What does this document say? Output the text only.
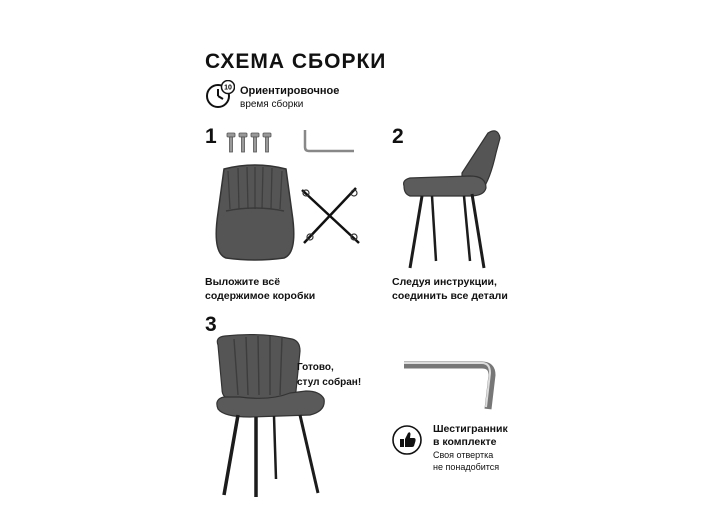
СХЕМА СБОРКИ
10 Ориентировочное
время сборки
1
Выложите всё
содержимое коробки
2
Следуя инструкции,
соединить все детали
3
Готово,
стул собран!
Шестигранник
в комплекте
Своя отвертка
не понадобится
